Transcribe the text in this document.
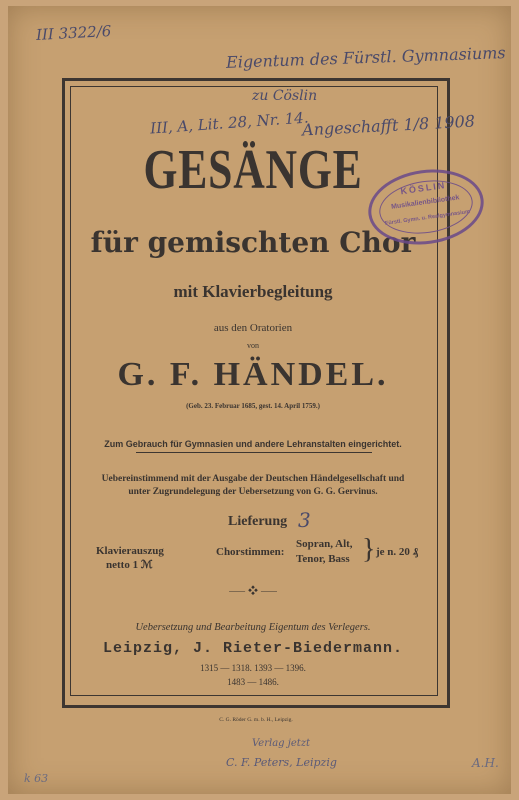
III 3322/6
Eigentum des Fürstl. Gymnasiums
zu Cöslin
III, A, Lit. 28, Nr. 14.
Angeschafft 1/8 1908
GESÄNGE
für gemischten Chor
mit Klavierbegleitung
aus den Oratorien
von
G. F. HÄNDEL.
(Geb. 23. Februar 1685, gest. 14. April 1759.)
Zum Gebrauch für Gymnasien und andere Lehranstalten eingerichtet.
Uebereinstimmend mit der Ausgabe der Deutschen Händelgesellschaft und
unter Zugrundelegung der Uebersetzung von G. G. Gervinus.
Lieferung 3
Klavierauszug
netto 1 ℳ
Chorstimmen:
Sopran, Alt,
Tenor, Bass } je n. 20 ₰
⸺ ❖ ⸺
Uebersetzung und Bearbeitung Eigentum des Verlegers.
Leipzig, J. Rieter-Biedermann.
1315 — 1318. 1393 — 1396.
1483 — 1486.
C. G. Röder G. m. b. H., Leipzig.
Verlag jetzt
C. F. Peters, Leipzig
k 63
A.H.
KÖSLIN
Musikalienbibliothek
Fürstl. Gymn. u. Realgymnasium
